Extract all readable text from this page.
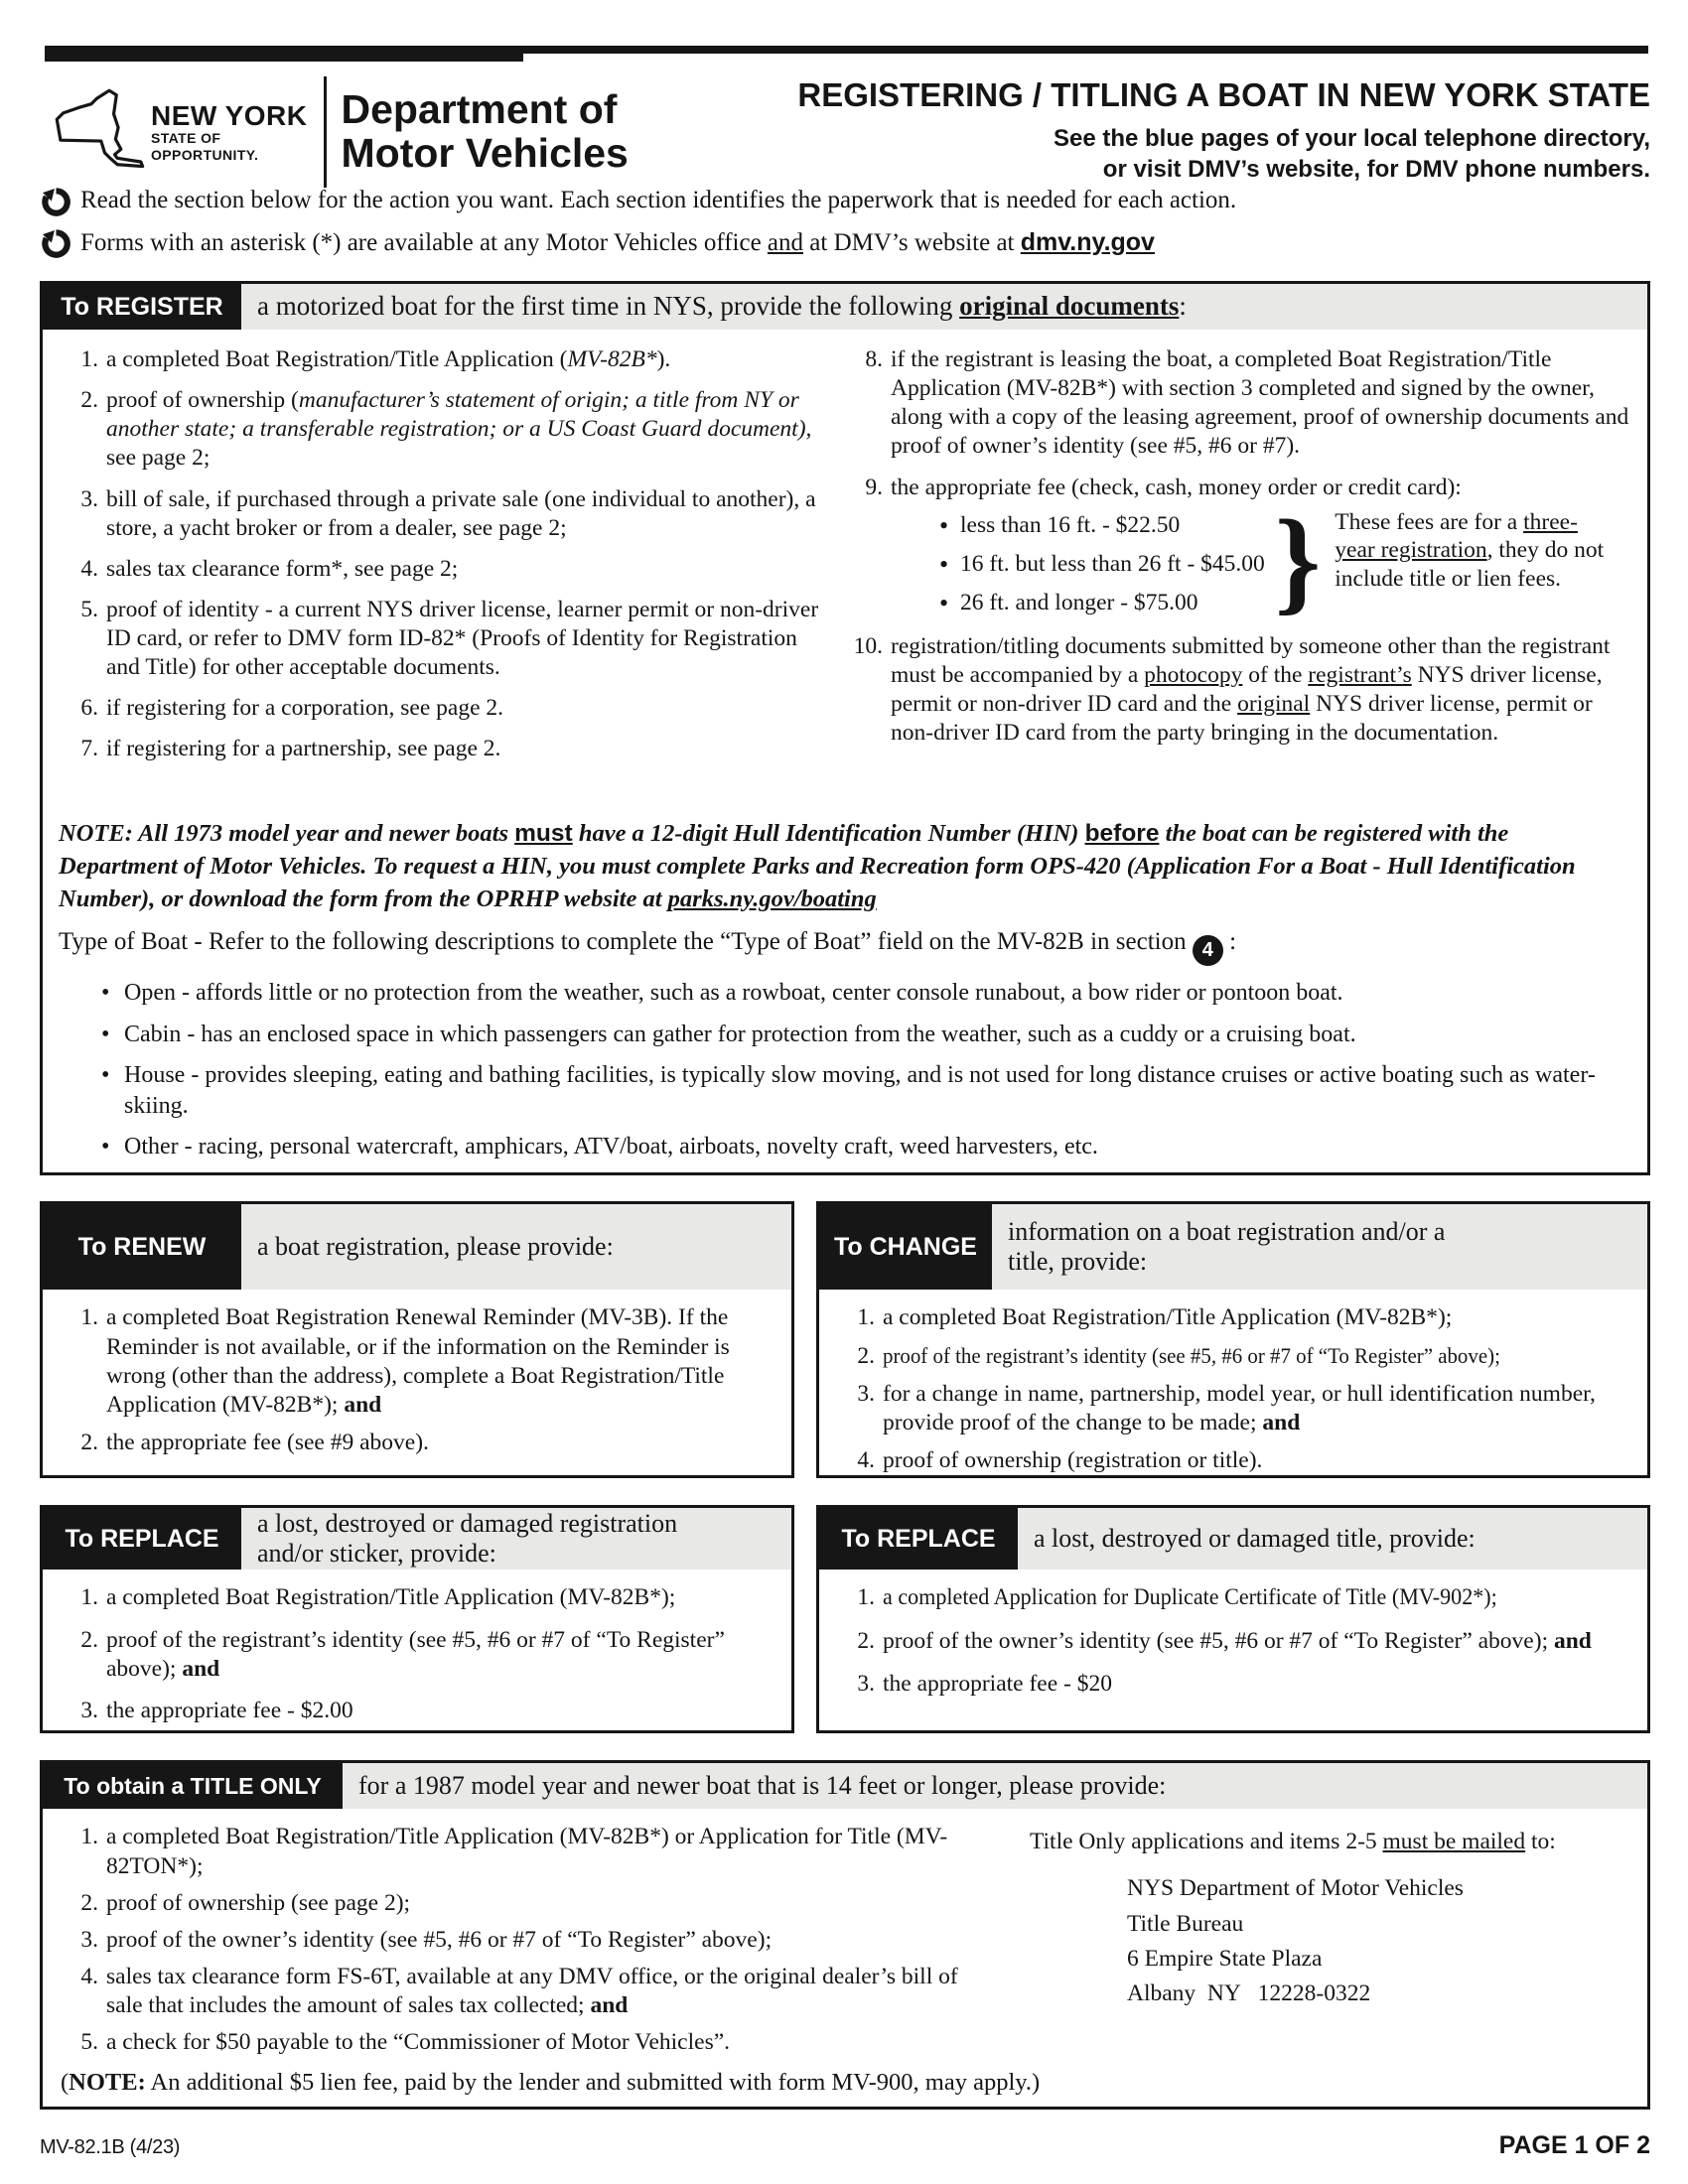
NEW YORK
STATE OF
OPPORTUNITY.
Department of
Motor Vehicles
REGISTERING / TITLING A BOAT IN NEW YORK STATE
See the blue pages of your local telephone directory,
or visit DMV’s website, for DMV phone numbers.
Read the section below for the action you want. Each section identifies the paperwork that is needed for each action.
Forms with an asterisk (*) are available at any Motor Vehicles office and at DMV’s website at dmv.ny.gov
To REGISTER	a motorized boat for the first time in NYS, provide the following original documents:
1. a completed Boat Registration/Title Application (MV-82B*).
2. proof of ownership (manufacturer’s statement of origin; a title from NY or another state; a transferable registration; or a US Coast Guard document), see page 2;
3. bill of sale, if purchased through a private sale (one individual to another), a store, a yacht broker or from a dealer, see page 2;
4. sales tax clearance form*, see page 2;
5. proof of identity - a current NYS driver license, learner permit or non-driver ID card, or refer to DMV form ID-82* (Proofs of Identity for Registration and Title) for other acceptable documents.
6. if registering for a corporation, see page 2.
7. if registering for a partnership, see page 2.
8. if the registrant is leasing the boat, a completed Boat Registration/Title Application (MV-82B*) with section 3 completed and signed by the owner, along with a copy of the leasing agreement, proof of ownership documents and proof of owner’s identity (see #5, #6 or #7).
9. the appropriate fee (check, cash, money order or credit card):
• less than 16 ft. - $22.50
• 16 ft. but less than 26 ft - $45.00
• 26 ft. and longer - $75.00 } These fees are for a three-year registration, they do not include title or lien fees.
10. registration/titling documents submitted by someone other than the registrant must be accompanied by a photocopy of the registrant’s NYS driver license, permit or non-driver ID card and the original NYS driver license, permit or non-driver ID card from the party bringing in the documentation.
NOTE: All 1973 model year and newer boats must have a 12-digit Hull Identification Number (HIN) before the boat can be registered with the Department of Motor Vehicles. To request a HIN, you must complete Parks and Recreation form OPS-420 (Application For a Boat - Hull Identification Number), or download the form from the OPRHP website at parks.ny.gov/boating
Type of Boat - Refer to the following descriptions to complete the “Type of Boat” field on the MV-82B in section 4 :
• Open - affords little or no protection from the weather, such as a rowboat, center console runabout, a bow rider or pontoon boat.
• Cabin - has an enclosed space in which passengers can gather for protection from the weather, such as a cuddy or a cruising boat.
• House - provides sleeping, eating and bathing facilities, is typically slow moving, and is not used for long distance cruises or active boating such as water-skiing.
• Other - racing, personal watercraft, amphicars, ATV/boat, airboats, novelty craft, weed harvesters, etc.
To RENEW	a boat registration, please provide:
1. a completed Boat Registration Renewal Reminder (MV-3B). If the Reminder is not available, or if the information on the Reminder is wrong (other than the address), complete a Boat Registration/Title Application (MV-82B*); and
2. the appropriate fee (see #9 above).
To CHANGE
information on a boat registration and/or a
title, provide:
1. a completed Boat Registration/Title Application (MV-82B*);
2. proof of the registrant’s identity (see #5, #6 or #7 of “To Register” above);
3. for a change in name, partnership, model year, or hull identification number, provide proof of the change to be made; and
4. proof of ownership (registration or title).
To REPLACE
a lost, destroyed or damaged registration
and/or sticker, provide:
1. a completed Boat Registration/Title Application (MV-82B*);
2. proof of the registrant’s identity (see #5, #6 or #7 of “To Register” above); and
3. the appropriate fee - $2.00
To REPLACE	a lost, destroyed or damaged title, provide:
1. a completed Application for Duplicate Certificate of Title (MV-902*);
2. proof of the owner’s identity (see #5, #6 or #7 of “To Register” above); and
3. the appropriate fee - $20
To obtain a TITLE ONLY	for a 1987 model year and newer boat that is 14 feet or longer, please provide:
1. a completed Boat Registration/Title Application (MV-82B*) or Application for Title (MV-82TON*);
2. proof of ownership (see page 2);
3. proof of the owner’s identity (see #5, #6 or #7 of “To Register” above);
4. sales tax clearance form FS-6T, available at any DMV office, or the original dealer’s bill of sale that includes the amount of sales tax collected; and
5. a check for $50 payable to the “Commissioner of Motor Vehicles”.
Title Only applications and items 2-5 must be mailed to:
NYS Department of Motor Vehicles
Title Bureau
6 Empire State Plaza
Albany  NY   12228-0322
(NOTE: An additional $5 lien fee, paid by the lender and submitted with form MV-900, may apply.)
MV-82.1B (4/23)	PAGE 1 OF 2
